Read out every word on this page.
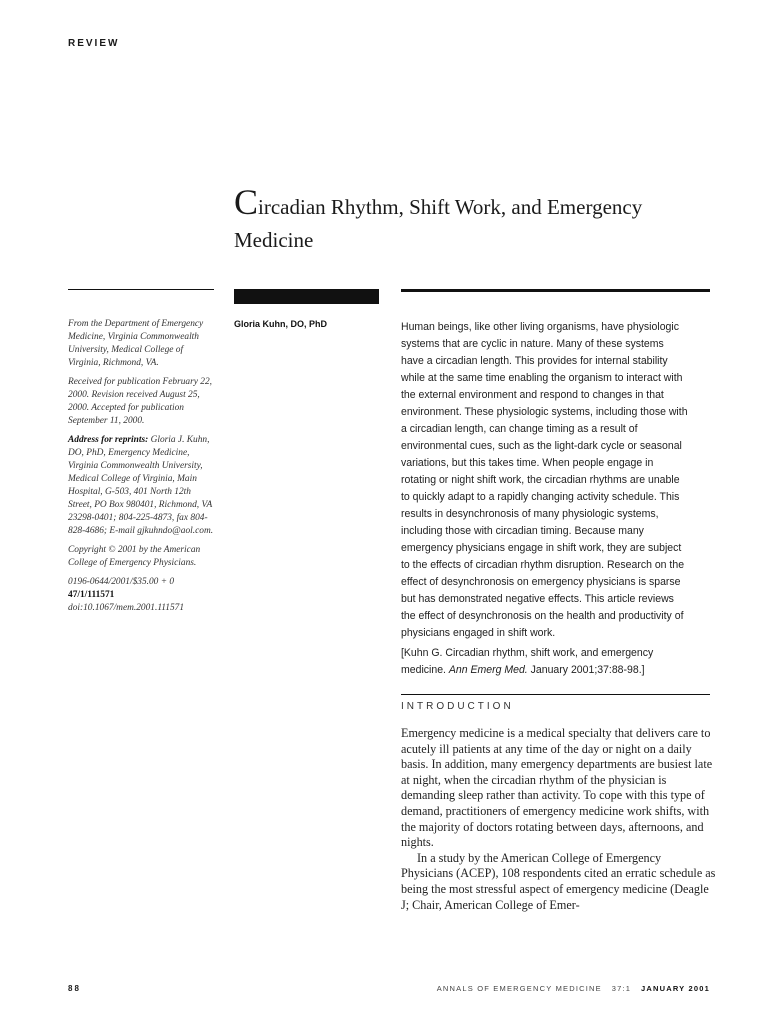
REVIEW
Circadian Rhythm, Shift Work, and Emergency
Medicine

From the Department of Emergency Medicine, Virginia Commonwealth University, Medical College of Virginia, Richmond, VA.

Received for publication February 22, 2000. Revision received August 25, 2000. Accepted for publication September 11, 2000.

Address for reprints: Gloria J. Kuhn, DO, PhD, Emergency Medicine, Virginia Commonwealth University, Medical College of Virginia, Main Hospital, G-503, 401 North 12th Street, PO Box 980401, Richmond, VA 23298-0401; 804-225-4873, fax 804-828-4686; E-mail gjkuhndo@aol.com.

Copyright © 2001 by the American College of Emergency Physicians.

0196-0644/2001/$35.00 + 0
47/1/111571
doi:10.1067/mem.2001.111571

Gloria Kuhn, DO, PhD	Human beings, like other living organisms, have physiologic systems that are cyclic in nature. Many of these systems have a circadian length. This provides for internal stability while at the same time enabling the organism to interact with the external environment and respond to changes in that environment. These physiologic systems, including those with a circadian length, can change timing as a result of environmental cues, such as the light-dark cycle or seasonal variations, but this takes time. When people engage in rotating or night shift work, the circadian rhythms are unable to quickly adapt to a rapidly changing activity schedule. This results in desynchronosis of many physiologic systems, including those with circadian timing. Because many emergency physicians engage in shift work, they are subject to the effects of circadian rhythm disruption. Research on the effect of desynchronosis on emergency physicians is sparse but has demonstrated negative effects. This article reviews the effect of desynchronosis on the health and productivity of physicians engaged in shift work.

[Kuhn G. Circadian rhythm, shift work, and emergency medicine. Ann Emerg Med. January 2001;37:88-98.]
INTRODUCTION

Emergency medicine is a medical specialty that delivers care to acutely ill patients at any time of the day or night on a daily basis. In addition, many emergency departments are busiest late at night, when the circadian rhythm of the physician is demanding sleep rather than activity. To cope with this type of demand, practitioners of emergency medicine work shifts, with the majority of doctors rotating between days, afternoons, and nights.

In a study by the American College of Emergency Physicians (ACEP), 108 respondents cited an erratic schedule as being the most stressful aspect of emergency medicine (Deagle J; Chair, American College of Emer-

88	ANNALS OF EMERGENCY MEDICINE 37:1 JANUARY 2001
